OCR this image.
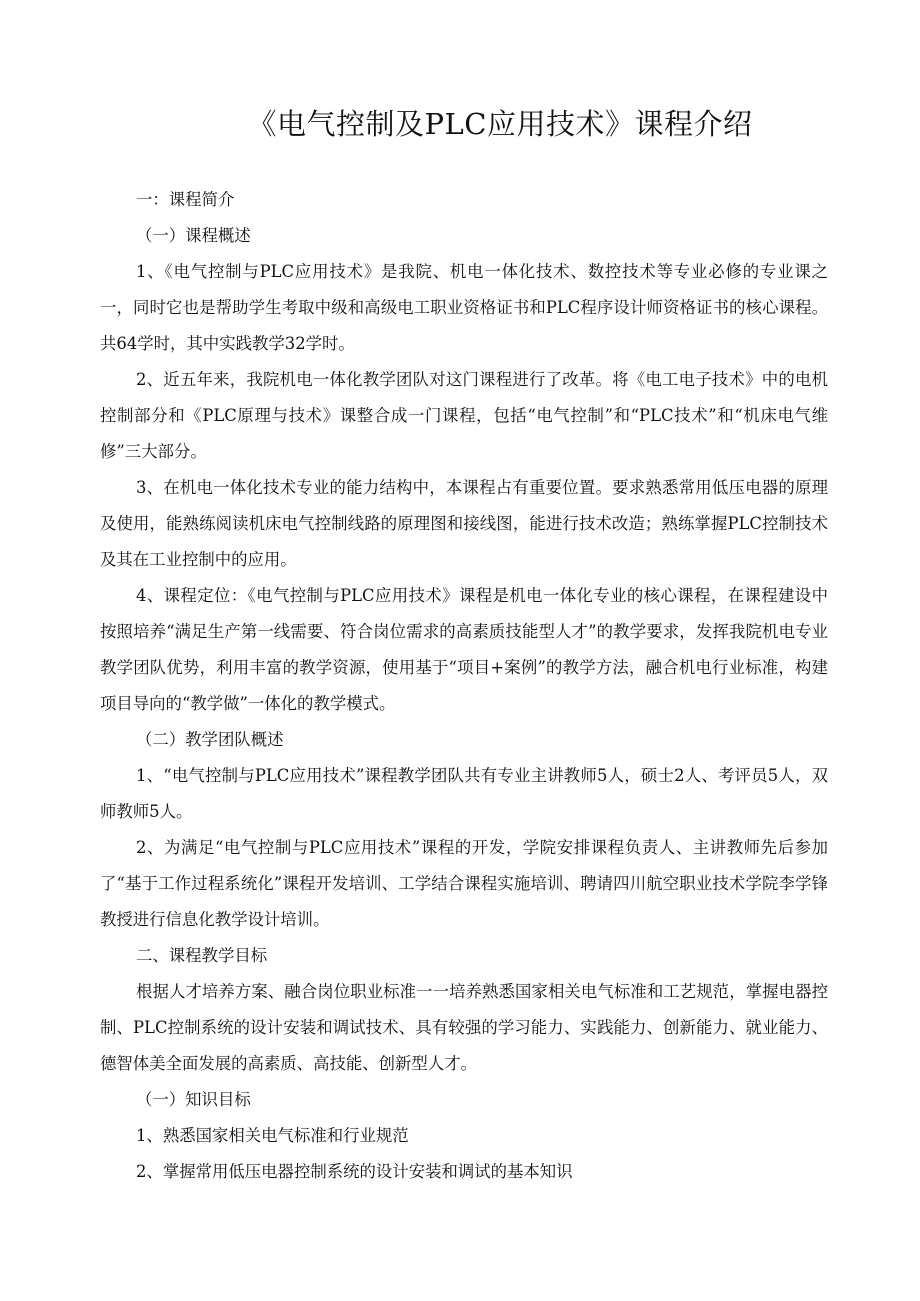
《电气控制及PLC应用技术》课程介绍

一：课程简介

（一）课程概述

1、《电气控制与PLC应用技术》是我院、机电一体化技术、数控技术等专业必修的专业课之一，同时它也是帮助学生考取中级和高级电工职业资格证书和PLC程序设计师资格证书的核心课程。共64学时，其中实践教学32学时。

2、近五年来，我院机电一体化教学团队对这门课程进行了改革。将《电工电子技术》中的电机控制部分和《PLC原理与技术》课整合成一门课程，包括“电气控制”和“PLC技术”和“机床电气维修”三大部分。

3、在机电一体化技术专业的能力结构中，本课程占有重要位置。要求熟悉常用低压电器的原理及使用，能熟练阅读机床电气控制线路的原理图和接线图，能进行技术改造；熟练掌握PLC控制技术及其在工业控制中的应用。

4、课程定位：《电气控制与PLC应用技术》课程是机电一体化专业的核心课程，在课程建设中按照培养“满足生产第一线需要、符合岗位需求的高素质技能型人才”的教学要求，发挥我院机电专业教学团队优势，利用丰富的教学资源，使用基于“项目+案例”的教学方法，融合机电行业标准，构建项目导向的“教学做”一体化的教学模式。

（二）教学团队概述

1、“电气控制与PLC应用技术”课程教学团队共有专业主讲教师5人，硕士2人、考评员5人，双师教师5人。

2、为满足“电气控制与PLC应用技术”课程的开发，学院安排课程负责人、主讲教师先后参加了“基于工作过程系统化”课程开发培训、工学结合课程实施培训、聘请四川航空职业技术学院李学锋教授进行信息化教学设计培训。

二、课程教学目标

根据人才培养方案、融合岗位职业标准一一培养熟悉国家相关电气标准和工艺规范，掌握电器控制、PLC控制系统的设计安装和调试技术、具有较强的学习能力、实践能力、创新能力、就业能力、德智体美全面发展的高素质、高技能、创新型人才。

（一）知识目标

1、熟悉国家相关电气标准和行业规范

2、掌握常用低压电器控制系统的设计安装和调试的基本知识
